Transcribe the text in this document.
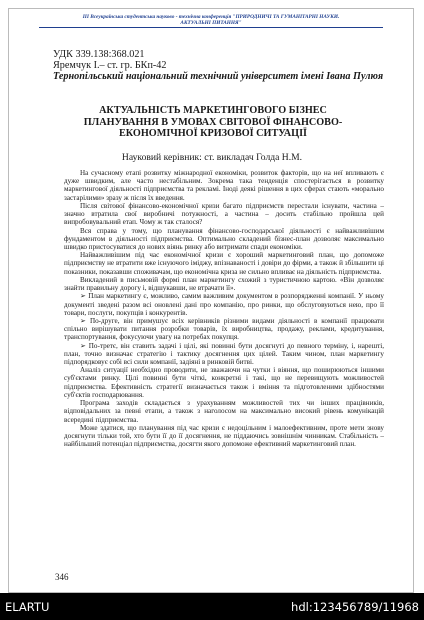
III Всеукраїнська студентська науково - технічна конференція "ПРИРОДНИЧІ ТА ГУМАНІТАРНІ НАУКИ.
АКТУАЛЬНІ ПИТАННЯ"
УДК 339.138:368.021
Яремчук І.– ст. гр. БКп-42
Тернопільський національний технічний університет імені Івана Пулюя
АКТУАЛЬНІСТЬ МАРКЕТИНГОВОГО БІЗНЕС ПЛАНУВАННЯ В УМОВАХ СВІТОВОЇ ФІНАНСОВО-ЕКОНОМІЧНОЇ КРИЗОВОЇ СИТУАЦІЇ
Науковий керівник: ст. викладач Голда Н.М.

На сучасному етапі розвитку міжнародної економіки, розвиток факторів, що на неї впливають є дуже швидким, але часто нестабільним. Зокрема така тенденція спостерігається в розвитку маркетингової діяльності підприємства та рекламі. Іноді деякі рішення в цих сферах стають «морально застарілими» зразу ж після їх введення.

Після світової фінансово-економічної кризи багато підприємств перестали існувати, частина – значно втратила свої виробничі потужності, а частина – досить стабільно пройшла цей випробовувальний етап. Чому ж так сталося?

Вся справа у тому, що планування фінансово-господарської діяльності є найважливішим фундаментом в діяльності підприємства. Оптимально складений бізнес-план дозволяє максимально швидко пристосуватися до нових віянь ринку або витримати спади економіки.

Найважливішим під час економічної кризи є хороший маркетинговий план, що допоможе підприємству не втратити вже існуючого іміджу, впізнаваності і довіри до фірми, а також й збільшити ці показники, показавши споживачам, що економічна криза не сильно впливає на діяльність підприємства.

Викладений в письмовій формі план маркетингу схожий з туристичною картою. «Він дозволяє знайти правильну дорогу і, відшукавши, не втрачати її».

➢ План маркетингу є, можливо, самим важливим документом в розпорядженні компанії. У ньому документі зведені разом всі оновлені дані про компанію, про ринки, що обслуговуються нею, про її товари, послуги, покупців і конкурентів.

➢ По-друге, він примушує всіх керівників різними видами діяльності в компанії працювати спільно вирішувати питання розробки товарів, їх виробництва, продажу, реклами, кредитування, транспортування, фокусуючи увагу на потребах покупця.

➢ По-третє, він ставить задачі і цілі, які повинні бути досягнуті до певного терміну, і, нарешті, план, точно визначає стратегію і тактику досягнення цих цілей. Таким чином, план маркетингу підпорядковує собі всі сили компанії, задіяні в ринковій битві.

Аналіз ситуації необхідно проводити, не зважаючи на чутки і віяння, що поширюються іншими суб'єктами ринку. Цілі повинні бути чіткі, конкретні і такі, що не перевищують можливостей підприємства. Ефективність стратегії визначається також і вміння та підготовленими здібностями суб'єктів господарювання.

Програма заходів складається з урахуванням можливостей тих чи інших працівників, відповідальних за певні етапи, а також з наголосом на максимально високий рівень комунікацій всередині підприємства.

Може здатися, що планування під час кризи є недоцільним і малоефективним, проте мети знову досягнути тільки той, хто бути її до її досягнення, не піддаючись зовнішнім чинникам. Стабільність – найбільший потенціал підприємства, досягти якого допоможе ефективний маркетинговий план.

346
ELARTU	hdl:123456789/11968
